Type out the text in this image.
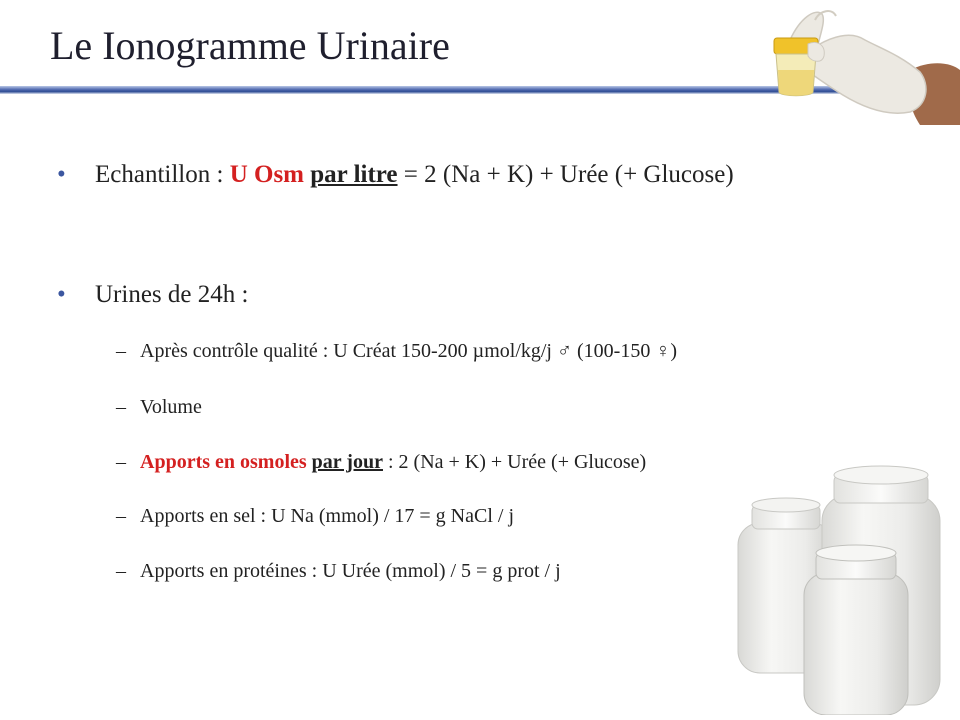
Le Ionogramme Urinaire
• Echantillon : U Osm par litre = 2 (Na + K) + Urée (+ Glucose)
• Urines de 24h :
– Après contrôle qualité : U Créat 150-200 µmol/kg/j ♂ (100-150 ♀)
– Volume
– Apports en osmoles par jour : 2 (Na + K) + Urée (+ Glucose)
– Apports en sel : U Na (mmol) / 17 = g NaCl / j
– Apports en protéines : U Urée (mmol) / 5 = g prot / j
